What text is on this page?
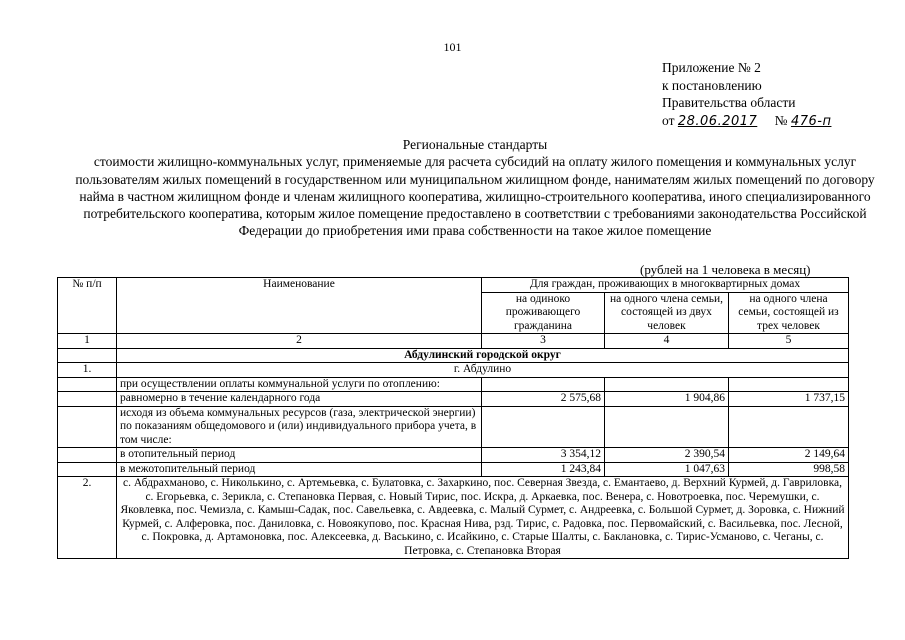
101
Приложение № 2
к постановлению
Правительства области
от 28.06.2017 № 476-п
Региональные стандарты
стоимости жилищно-коммунальных услуг, применяемые для расчета субсидий на оплату жилого помещения и коммунальных услуг пользователям жилых помещений в государственном или муниципальном жилищном фонде, нанимателям жилых помещений по договору найма в частном жилищном фонде и членам жилищного кооператива, жилищно-строительного кооператива, иного специализированного потребительского кооператива, которым жилое помещение предоставлено в соответствии с требованиями законодательства Российской Федерации до приобретения ими права собственности на такое жилое помещение
(рублей на 1 человека в месяц)
№ п/п	Наименование	Для граждан, проживающих в многоквартирных домах		
		на одиноко проживающего гражданина	на одного члена семьи, состоящей из двух человек	на одного члена семьи, состоящей из трех человек
1	2	3	4	5
	Абдулинский городской округ			
1.	г. Абдулино			
	при осуществлении оплаты коммунальной услуги по отоплению:			
	равномерно в течение календарного года	2 575,68	1 904,86	1 737,15
	исходя из объема коммунальных ресурсов (газа, электрической энергии) по показаниям общедомового и (или) индивидуального прибора учета, в том числе:			
	в отопительный период	3 354,12	2 390,54	2 149,64
	в межотопительный период	1 243,84	1 047,63	998,58
2.	с. Абдрахманово, с. Николькино, с. Артемьевка, с. Булатовка, с. Захаркино, пос. Северная Звезда, с. Емантаево, д. Верхний Курмей, д. Гавриловка, с. Егорьевка, с. Зерикла, с. Степановка Первая, с. Новый Тирис, пос. Искра, д. Аркаевка, пос. Венера, с. Новотроевка, пос. Черемушки, с. Яковлевка, пос. Чемизла, с. Камыш-Садак, пос. Савельевка, с. Авдеевка, с. Малый Сурмет, с. Андреевка, с. Большой Сурмет, д. Зоровка, с. Нижний Курмей, с. Алферовка, пос. Даниловка, с. Новоякупово, пос. Красная Нива, рзд. Тирис, с. Радовка, пос. Первомайский, с. Васильевка, пос. Лесной, с. Покровка, д. Артамоновка, пос. Алексеевка, д. Васькино, с. Исайкино, с. Старые Шалты, с. Баклановка, с. Тирис-Усманово, с. Чеганы, с. Петровка, с. Степановка Вторая			
